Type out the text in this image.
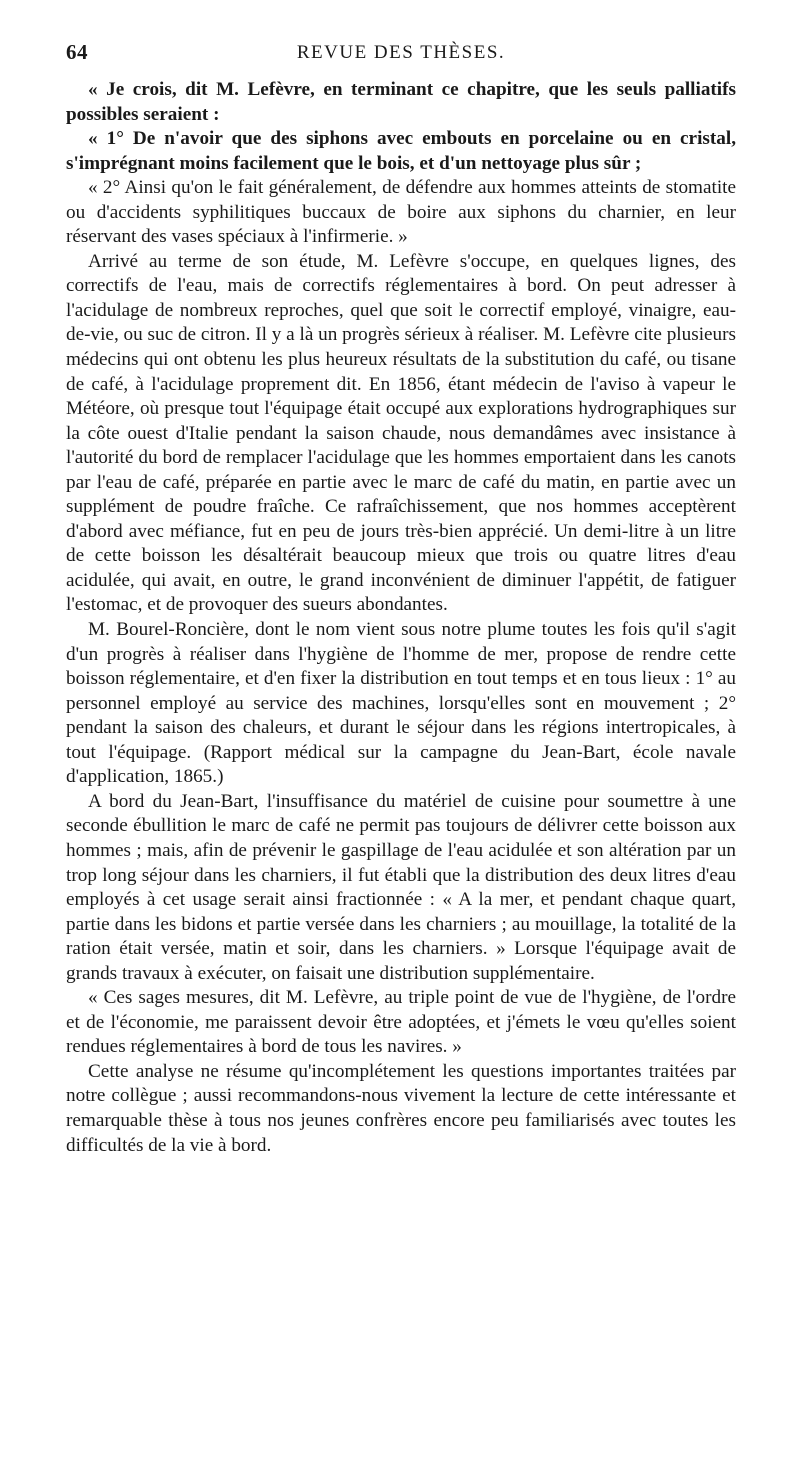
64	REVUE DES THÈSES.

« Je crois, dit M. Lefèvre, en terminant ce chapitre, que les seuls palliatifs possibles seraient :

« 1° De n'avoir que des siphons avec embouts en porcelaine ou en cristal, s'imprégnant moins facilement que le bois, et d'un nettoyage plus sûr ;

« 2° Ainsi qu'on le fait généralement, de défendre aux hommes atteints de stomatite ou d'accidents syphilitiques buccaux de boire aux siphons du charnier, en leur réservant des vases spéciaux à l'infirmerie. »

Arrivé au terme de son étude, M. Lefèvre s'occupe, en quelques lignes, des correctifs de l'eau, mais de correctifs réglementaires à bord. On peut adresser à l'acidulage de nombreux reproches, quel que soit le correctif employé, vinaigre, eau-de-vie, ou suc de citron. Il y a là un progrès sérieux à réaliser. M. Lefèvre cite plusieurs médecins qui ont obtenu les plus heureux résultats de la substitution du café, ou tisane de café, à l'acidulage proprement dit. En 1856, étant médecin de l'aviso à vapeur le Météore, où presque tout l'équipage était occupé aux explorations hydrographiques sur la côte ouest d'Italie pendant la saison chaude, nous demandâmes avec insistance à l'autorité du bord de remplacer l'acidulage que les hommes emportaient dans les canots par l'eau de café, préparée en partie avec le marc de café du matin, en partie avec un supplément de poudre fraîche. Ce rafraîchissement, que nos hommes acceptèrent d'abord avec méfiance, fut en peu de jours très-bien apprécié. Un demi-litre à un litre de cette boisson les désaltérait beaucoup mieux que trois ou quatre litres d'eau acidulée, qui avait, en outre, le grand inconvénient de diminuer l'appétit, de fatiguer l'estomac, et de provoquer des sueurs abondantes.

M. Bourel-Roncière, dont le nom vient sous notre plume toutes les fois qu'il s'agit d'un progrès à réaliser dans l'hygiène de l'homme de mer, propose de rendre cette boisson réglementaire, et d'en fixer la distribution en tout temps et en tous lieux : 1° au personnel employé au service des machines, lorsqu'elles sont en mouvement ; 2° pendant la saison des chaleurs, et durant le séjour dans les régions intertropicales, à tout l'équipage. (Rapport médical sur la campagne du Jean-Bart, école navale d'application, 1865.)

A bord du Jean-Bart, l'insuffisance du matériel de cuisine pour soumettre à une seconde ébullition le marc de café ne permit pas toujours de délivrer cette boisson aux hommes ; mais, afin de prévenir le gaspillage de l'eau acidulée et son altération par un trop long séjour dans les charniers, il fut établi que la distribution des deux litres d'eau employés à cet usage serait ainsi fractionnée : « A la mer, et pendant chaque quart, partie dans les bidons et partie versée dans les charniers ; au mouillage, la totalité de la ration était versée, matin et soir, dans les charniers. » Lorsque l'équipage avait de grands travaux à exécuter, on faisait une distribution supplémentaire.

« Ces sages mesures, dit M. Lefèvre, au triple point de vue de l'hygiène, de l'ordre et de l'économie, me paraissent devoir être adoptées, et j'émets le vœu qu'elles soient rendues réglementaires à bord de tous les navires. »

Cette analyse ne résume qu'incomplétement les questions importantes traitées par notre collègue ; aussi recommandons-nous vivement la lecture de cette intéressante et remarquable thèse à tous nos jeunes confrères encore peu familiarisés avec toutes les difficultés de la vie à bord.
